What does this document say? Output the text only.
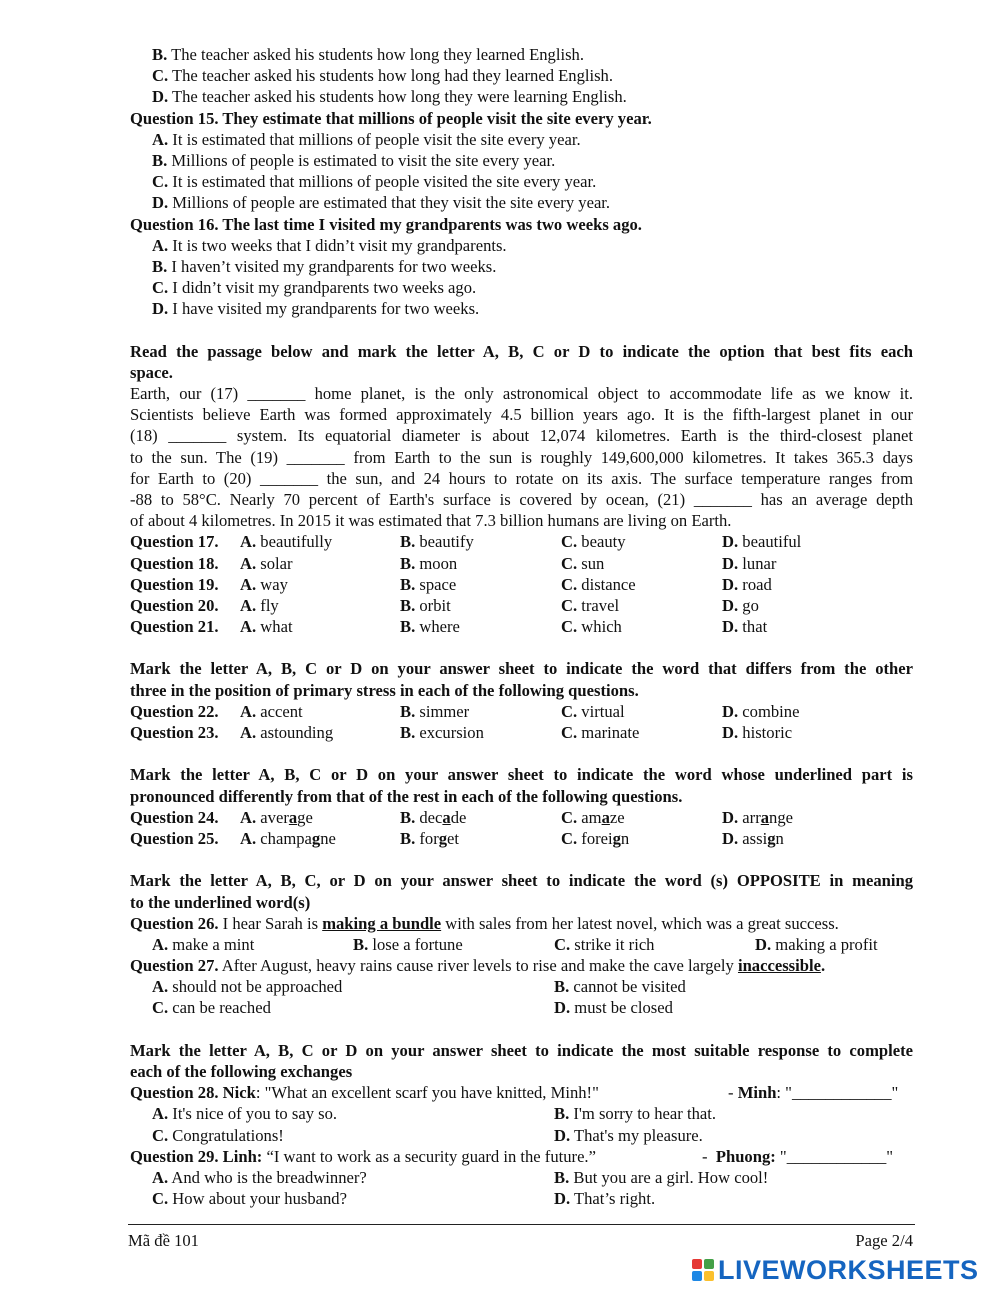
B. The teacher asked his students how long they learned English.
C. The teacher asked his students how long had they learned English.
D. The teacher asked his students how long they were learning English.
Question 15. They estimate that millions of people visit the site every year.
A. It is estimated that millions of people visit the site every year.
B. Millions of people is estimated to visit the site every year.
C. It is estimated that millions of people visited the site every year.
D. Millions of people are estimated that they visit the site every year.
Question 16. The last time I visited my grandparents was two weeks ago.
A. It is two weeks that I didn’t visit my grandparents.
B. I haven’t visited my grandparents for two weeks.
C. I didn’t visit my grandparents two weeks ago.
D. I have visited my grandparents for two weeks.
Read the passage below and mark the letter A, B, C or D to indicate the option that best fits each
space.
Earth, our (17) _______ home planet, is the only astronomical object to accommodate life as we know it.
Scientists believe Earth was formed approximately 4.5 billion years ago. It is the fifth-largest planet in our
(18) _______ system. Its equatorial diameter is about 12,074 kilometres. Earth is the third-closest planet
to the sun. The (19) _______ from Earth to the sun is roughly 149,600,000 kilometres. It takes 365.3 days
for Earth to (20) _______ the sun, and 24 hours to rotate on its axis. The surface temperature ranges from
-88 to 58°C. Nearly 70 percent of Earth's surface is covered by ocean, (21) _______ has an average depth
of about 4 kilometres. In 2015 it was estimated that 7.3 billion humans are living on Earth.
Question 17.	A. beautifully	B. beautify	C. beauty	D. beautiful
Question 18.	A. solar	B. moon	C. sun	D. lunar
Question 19.	A. way	B. space	C. distance	D. road
Question 20.	A. fly	B. orbit	C. travel	D. go
Question 21.	A. what	B. where	C. which	D. that
Mark the letter A, B, C or D on your answer sheet to indicate the word that differs from the other
three in the position of primary stress in each of the following questions.
Question 22.	A. accent	B. simmer	C. virtual	D. combine
Question 23.	A. astounding	B. excursion	C. marinate	D. historic
Mark the letter A, B, C or D on your answer sheet to indicate the word whose underlined part is
pronounced differently from that of the rest in each of the following questions.
Question 24.	A. average	B. decade	C. amaze	D. arrange
Question 25.	A. champagne	B. forget	C. foreign	D. assign
Mark the letter A, B, C, or D on your answer sheet to indicate the word (s) OPPOSITE in meaning
to the underlined word(s)
Question 26. I hear Sarah is making a bundle with sales from her latest novel, which was a great success.
A. make a mint	B. lose a fortune	C. strike it rich	D. making a profit
Question 27. After August, heavy rains cause river levels to rise and make the cave largely inaccessible.
A. should not be approached	B. cannot be visited
C. can be reached	D. must be closed
Mark the letter A, B, C or D on your answer sheet to indicate the most suitable response to complete
each of the following exchanges
Question 28. Nick: "What an excellent scarf you have knitted, Minh!"	- Minh: "____________"
A. It's nice of you to say so.	B. I'm sorry to hear that.
C. Congratulations!	D. That's my pleasure.
Question 29. Linh: “I want to work as a security guard in the future.”	-  Phuong: "____________"
A. And who is the breadwinner?	B. But you are a girl. How cool!
C. How about your husband?	D. That’s right.
Mã đề 101	Page 2/4
LIVEWORKSHEETS
